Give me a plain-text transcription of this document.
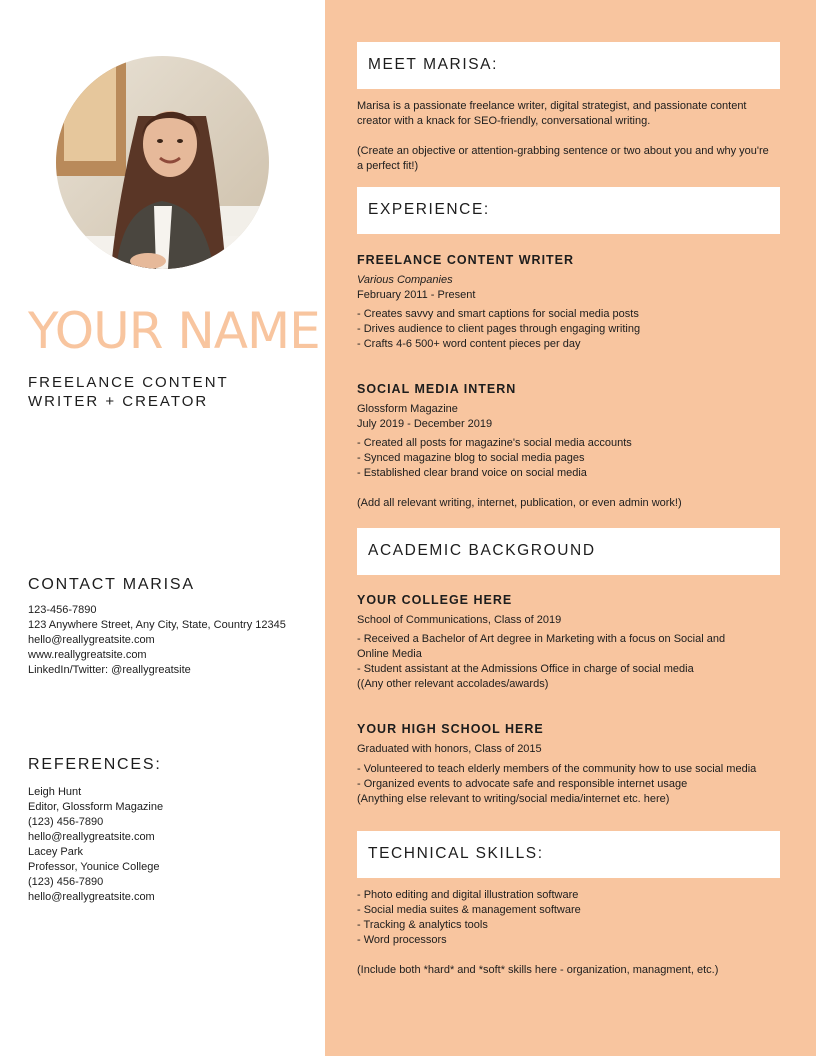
YOUR NAME
FREELANCE CONTENT
WRITER + CREATOR
CONTACT MARISA
123-456-7890
123 Anywhere Street, Any City, State, Country 12345
hello@reallygreatsite.com
www.reallygreatsite.com
LinkedIn/Twitter: @reallygreatsite
REFERENCES:
Leigh Hunt
Editor, Glossform Magazine
(123) 456-7890
hello@reallygreatsite.com
Lacey Park
Professor, Younice College
(123) 456-7890
hello@reallygreatsite.com
MEET MARISA:
Marisa is a passionate freelance writer, digital strategist, and passionate content
creator with a knack for SEO-friendly, conversational writing.

(Create an objective or attention-grabbing sentence or two about you and why you're
a perfect fit!)
EXPERIENCE:
FREELANCE CONTENT WRITER
Various Companies
February 2011 - Present
- Creates savvy and smart captions for social media posts
- Drives audience to client pages through engaging writing
- Crafts 4-6 500+ word content pieces per day
SOCIAL MEDIA INTERN
Glossform Magazine
July 2019 - December 2019
- Created all posts for magazine's social media accounts
- Synced magazine blog to social media pages
- Established clear brand voice on social media
(Add all relevant writing, internet, publication, or even admin work!)
ACADEMIC BACKGROUND
YOUR COLLEGE HERE
School of Communications, Class of 2019
- Received a Bachelor of Art degree in Marketing with a focus on Social and
Online Media
- Student assistant at the Admissions Office in charge of social media
((Any other relevant accolades/awards)
YOUR HIGH SCHOOL HERE
Graduated with honors, Class of 2015
- Volunteered to teach elderly members of the community how to use social media
- Organized events to advocate safe and responsible internet usage
(Anything else relevant to writing/social media/internet etc. here)
TECHNICAL SKILLS:
- Photo editing and digital illustration software
- Social media suites & management software
- Tracking & analytics tools
- Word processors

(Include both *hard* and *soft* skills here - organization, managment, etc.)
